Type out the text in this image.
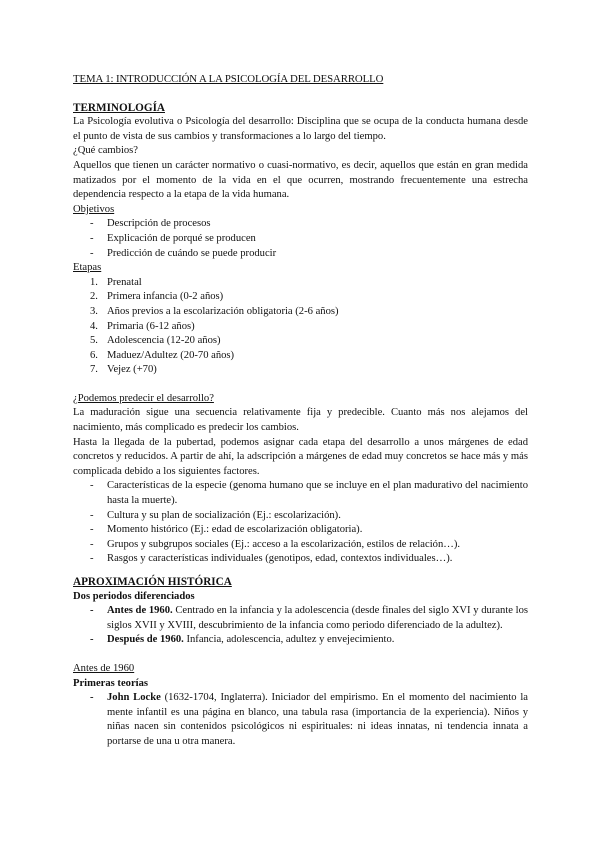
TEMA 1: INTRODUCCIÓN A LA PSICOLOGÍA DEL DESARROLLO
TERMINOLOGÍA

La Psicología evolutiva o Psicología del desarrollo: Disciplina que se ocupa de la conducta humana desde el punto de vista de sus cambios y transformaciones a lo largo del tiempo.

¿Qué cambios?

Aquellos que tienen un carácter normativo o cuasi-normativo, es decir, aquellos que están en gran medida matizados por el momento de la vida en el que ocurren, mostrando frecuentemente una estrecha dependencia respecto a la etapa de la vida humana.

Objetivos
- Descripción de procesos
- Explicación de porqué se producen
- Predicción de cuándo se puede producir
Etapas
1. Prenatal
2. Primera infancia (0-2 años)
3. Años previos a la escolarización obligatoria (2-6 años)
4. Primaria (6-12 años)
5. Adolescencia (12-20 años)
6. Maduez/Adultez (20-70 años)
7. Vejez (+70)
¿Podemos predecir el desarrollo?

La maduración sigue una secuencia relativamente fija y predecible. Cuanto más nos alejamos del nacimiento, más complicado es predecir los cambios.

Hasta la llegada de la pubertad, podemos asignar cada etapa del desarrollo a unos márgenes de edad concretos y reducidos. A partir de ahí, la adscripción a márgenes de edad muy concretos se hace más y más complicada debido a los siguientes factores.

- Características de la especie (genoma humano que se incluye en el plan madurativo del nacimiento hasta la muerte).
- Cultura y su plan de socialización (Ej.: escolarización).
- Momento histórico (Ej.: edad de escolarización obligatoria).
- Grupos y subgrupos sociales (Ej.: acceso a la escolarización, estilos de relación…).
- Rasgos y características individuales (genotipos, edad, contextos individuales…).
APROXIMACIÓN HISTÓRICA
Dos periodos diferenciados
- Antes de 1960. Centrado en la infancia y la adolescencia (desde finales del siglo XVI y durante los siglos XVII y XVIII, descubrimiento de la infancia como periodo diferenciado de la adultez).
- Después de 1960. Infancia, adolescencia, adultez y envejecimiento.
Antes de 1960
Primeras teorías
- John Locke (1632-1704, Inglaterra). Iniciador del empirismo. En el momento del nacimiento la mente infantil es una página en blanco, una tabula rasa (importancia de la experiencia). Niños y niñas nacen sin contenidos psicológicos ni espirituales: ni ideas innatas, ni tendencia innata a portarse de una u otra manera.
